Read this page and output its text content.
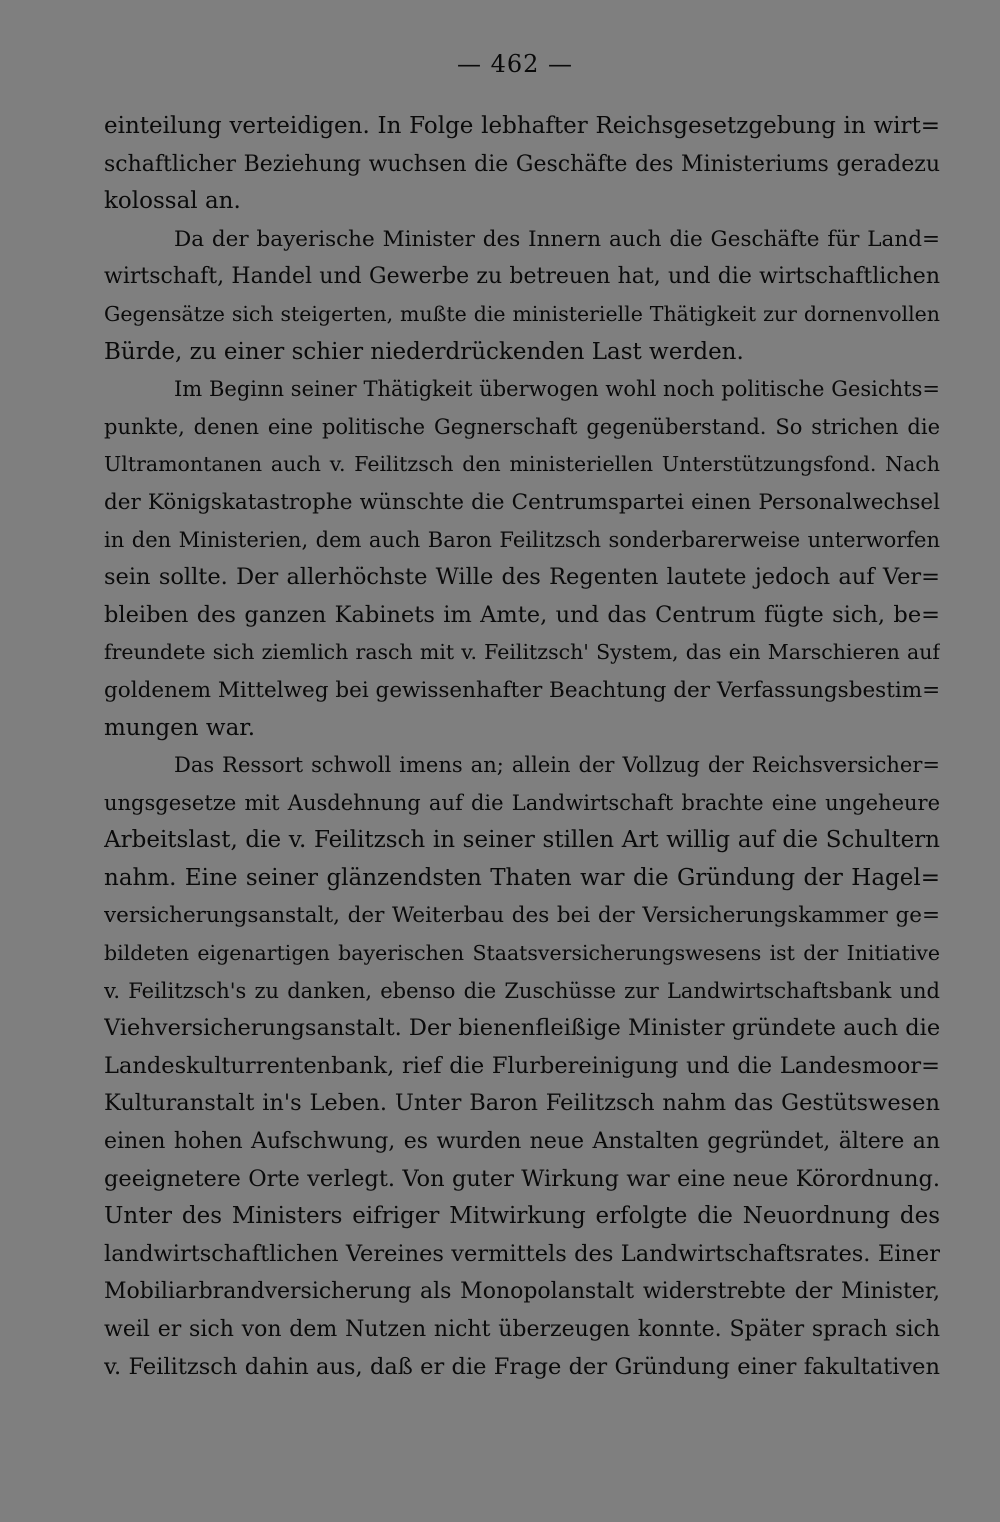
— 462 —
einteilung verteidigen. In Folge lebhafter Reichsgesetzgebung in wirt=
schaftlicher Beziehung wuchsen die Geschäfte des Ministeriums geradezu
kolossal an.
Da der bayerische Minister des Innern auch die Geschäfte für Land=
wirtschaft, Handel und Gewerbe zu betreuen hat, und die wirtschaftlichen
Gegensätze sich steigerten, mußte die ministerielle Thätigkeit zur dornenvollen
Bürde, zu einer schier niederdrückenden Last werden.
Im Beginn seiner Thätigkeit überwogen wohl noch politische Gesichts=
punkte, denen eine politische Gegnerschaft gegenüberstand. So strichen die
Ultramontanen auch v. Feilitzsch den ministeriellen Unterstützungsfond. Nach
der Königskatastrophe wünschte die Centrumspartei einen Personalwechsel
in den Ministerien, dem auch Baron Feilitzsch sonderbarerweise unterworfen
sein sollte. Der allerhöchste Wille des Regenten lautete jedoch auf Ver=
bleiben des ganzen Kabinets im Amte, und das Centrum fügte sich, be=
freundete sich ziemlich rasch mit v. Feilitzsch' System, das ein Marschieren auf
goldenem Mittelweg bei gewissenhafter Beachtung der Verfassungsbestim=
mungen war.
Das Ressort schwoll imens an; allein der Vollzug der Reichsversicher=
ungsgesetze mit Ausdehnung auf die Landwirtschaft brachte eine ungeheure
Arbeitslast, die v. Feilitzsch in seiner stillen Art willig auf die Schultern
nahm. Eine seiner glänzendsten Thaten war die Gründung der Hagel=
versicherungsanstalt, der Weiterbau des bei der Versicherungskammer ge=
bildeten eigenartigen bayerischen Staatsversicherungswesens ist der Initiative
v. Feilitzsch's zu danken, ebenso die Zuschüsse zur Landwirtschaftsbank und
Viehversicherungsanstalt. Der bienenfleißige Minister gründete auch die
Landeskulturrentenbank, rief die Flurbereinigung und die Landesmoor=
Kulturanstalt in's Leben. Unter Baron Feilitzsch nahm das Gestütswesen
einen hohen Aufschwung, es wurden neue Anstalten gegründet, ältere an
geeignetere Orte verlegt. Von guter Wirkung war eine neue Körordnung.
Unter des Ministers eifriger Mitwirkung erfolgte die Neuordnung des
landwirtschaftlichen Vereines vermittels des Landwirtschaftsrates. Einer
Mobiliarbrandversicherung als Monopolanstalt widerstrebte der Minister,
weil er sich von dem Nutzen nicht überzeugen konnte. Später sprach sich
v. Feilitzsch dahin aus, daß er die Frage der Gründung einer fakultativen
